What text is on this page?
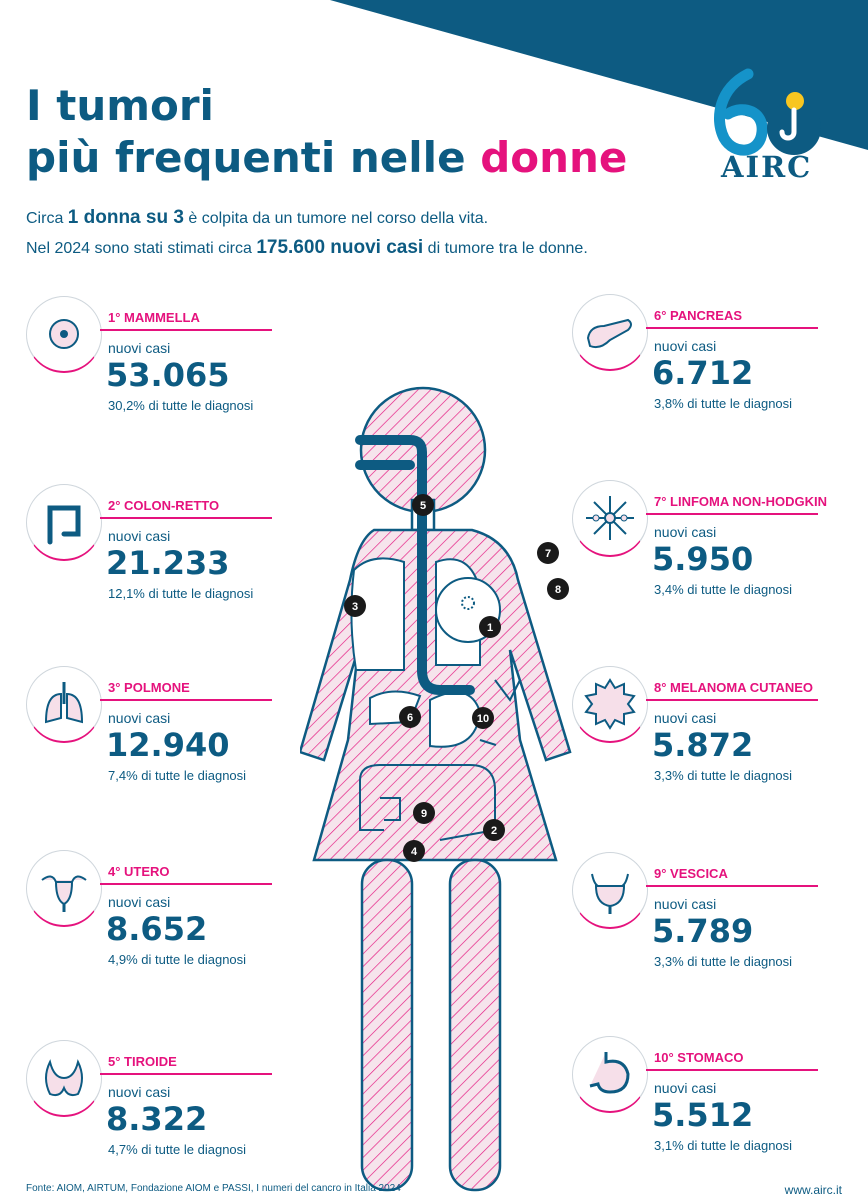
I tumori
più frequenti nelle donne
Circa 1 donna su 3 è colpita da un tumore nel corso della vita.
Nel 2024 sono stati stimati circa 175.600 nuovi casi di tumore tra le donne.
AIRC
5
3
1
7
8
6	10
9
2
4
1° MAMMELLA
nuovi casi
53.065
30,2% di tutte le diagnosi
2° COLON-RETTO
nuovi casi
21.233
12,1% di tutte le diagnosi
3° POLMONE
nuovi casi
12.940
7,4% di tutte le diagnosi
4° UTERO
nuovi casi
8.652
4,9% di tutte le diagnosi
5° TIROIDE
nuovi casi
8.322
4,7% di tutte le diagnosi
6° PANCREAS
nuovi casi
6.712
3,8% di tutte le diagnosi
7° LINFOMA NON-HODGKIN
nuovi casi
5.950
3,4% di tutte le diagnosi
8° MELANOMA CUTANEO
nuovi casi
5.872
3,3% di tutte le diagnosi
9° VESCICA
nuovi casi
5.789
3,3% di tutte le diagnosi
10° STOMACO
nuovi casi
5.512
3,1% di tutte le diagnosi
Fonte: AIOM, AIRTUM, Fondazione AIOM e PASSI, I numeri del cancro in Italia 2024	www.airc.it
